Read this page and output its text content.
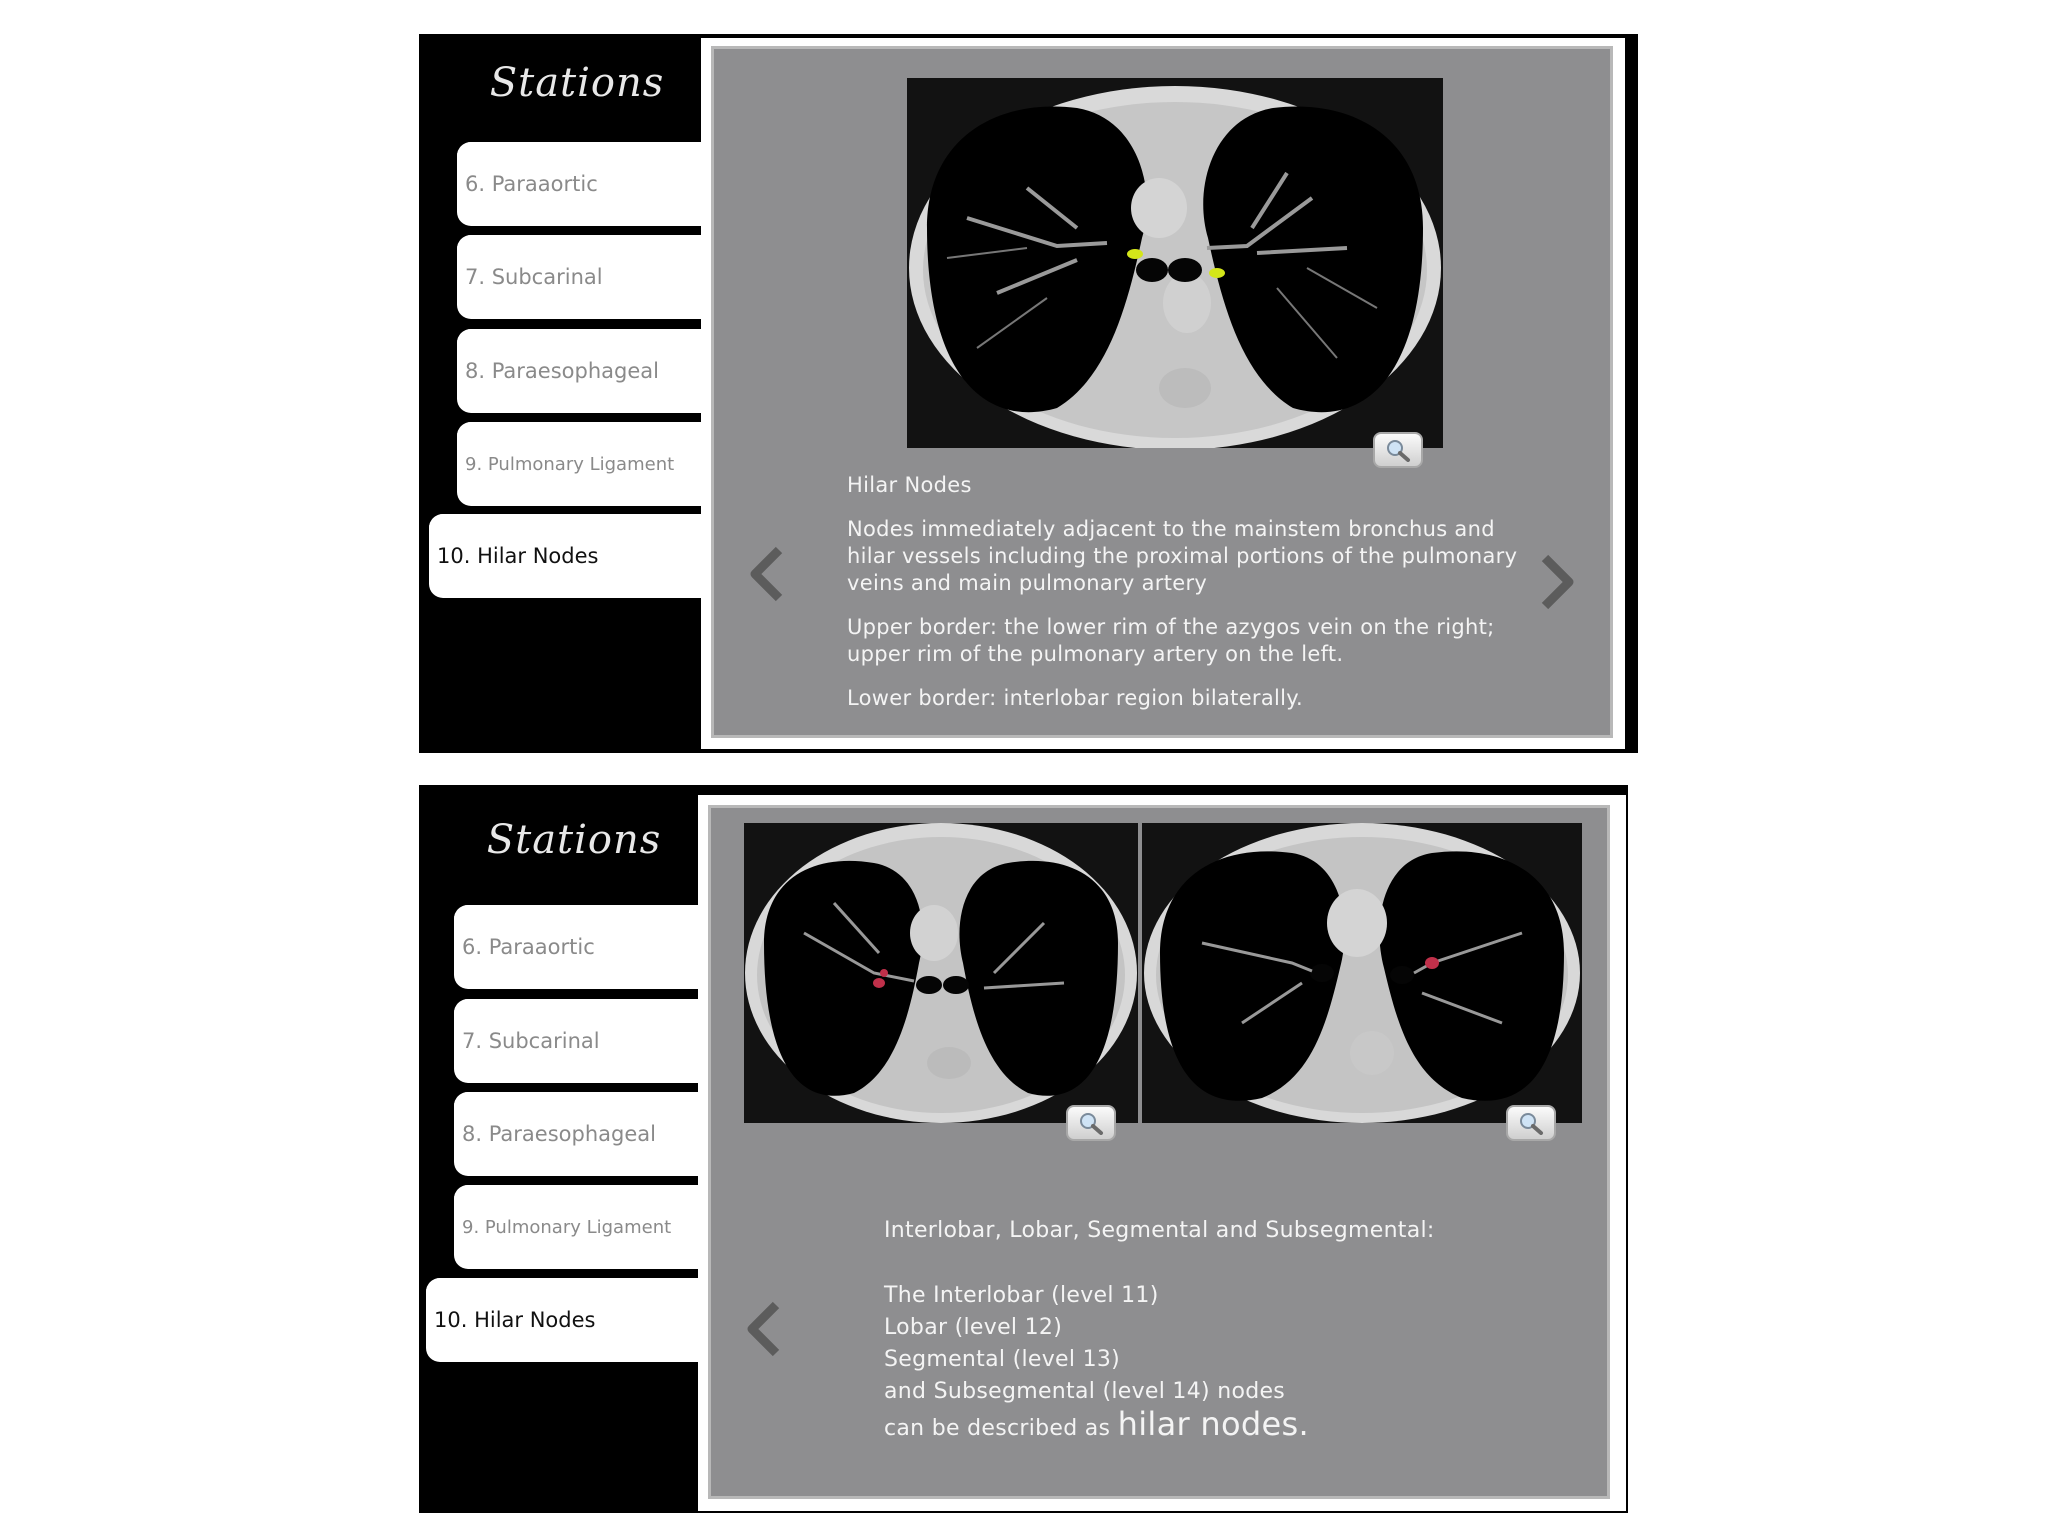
Stations
6. Paraaortic
7. Subcarinal
8. Paraesophageal
9. Pulmonary Ligament
10. Hilar Nodes

Hilar Nodes

Nodes immediately adjacent to the mainstem bronchus and hilar vessels including the proximal portions of the pulmonary veins and main pulmonary artery

Upper border: the lower rim of the azygos vein on the right; upper rim of the pulmonary artery on the left.

Lower border: interlobar region bilaterally.

Stations
6. Paraaortic
7. Subcarinal
8. Paraesophageal
9. Pulmonary Ligament
10. Hilar Nodes

Interlobar, Lobar, Segmental and Subsegmental:

The Interlobar (level 11)

Lobar (level 12)

Segmental (level 13)

and Subsegmental (level 14) nodes

can be described as hilar nodes.
